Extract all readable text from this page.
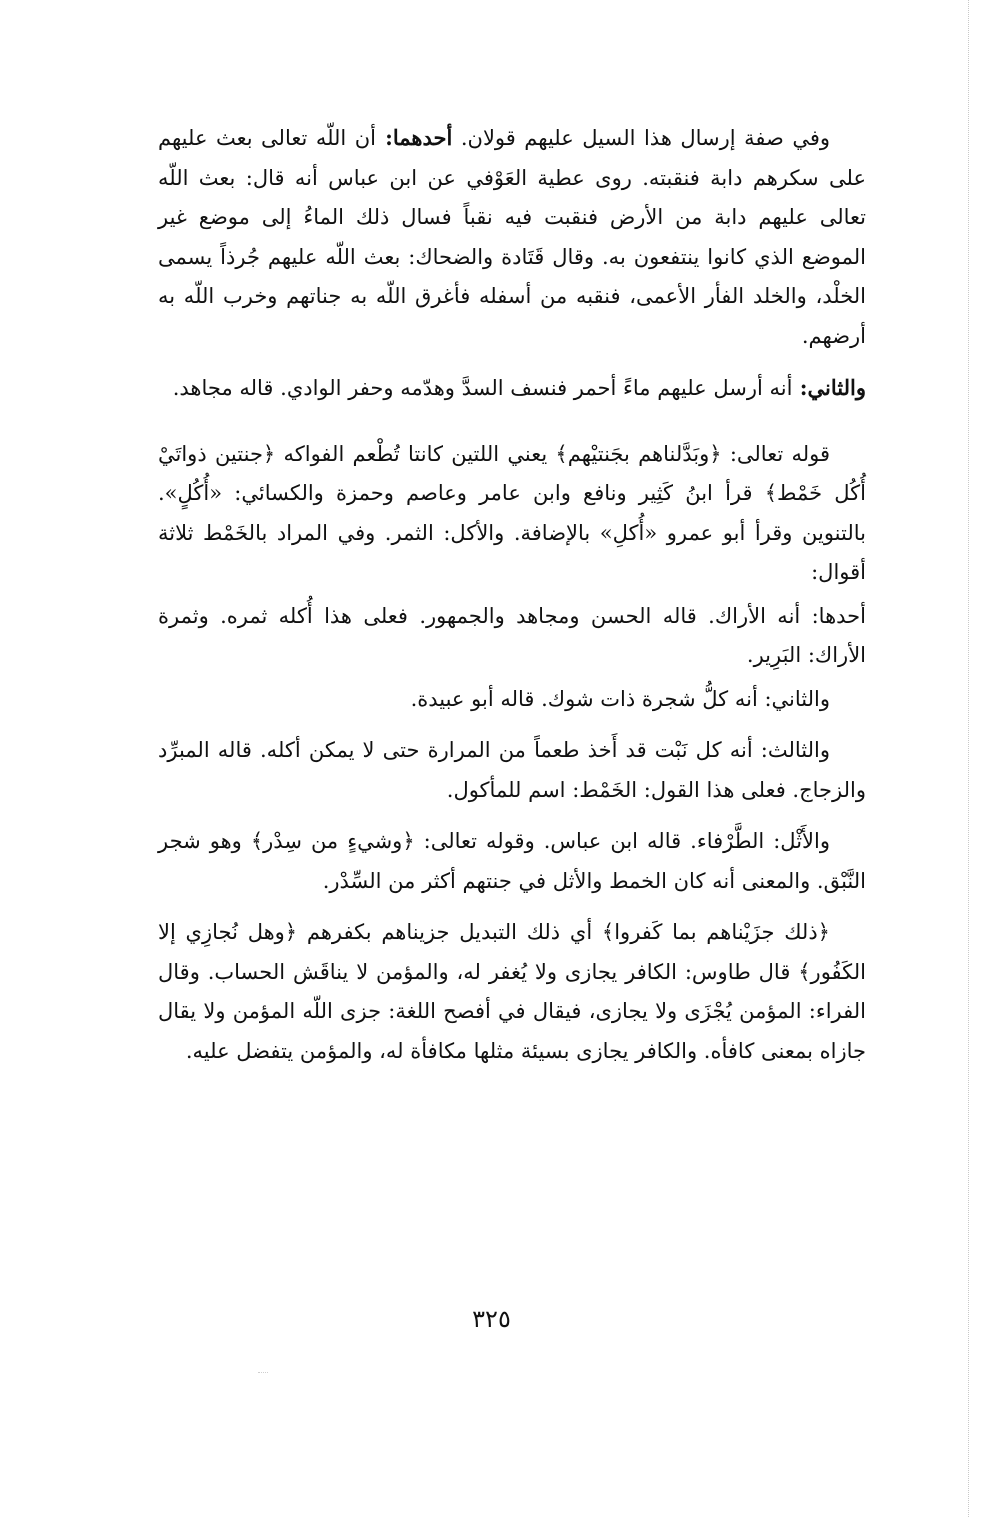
وفي صفة إرسال هذا السيل عليهم قولان. أحدهما: أن اللّه تعالى بعث عليهم على سكرهم دابة فنقبته. روى عطية العَوْفي عن ابن عباس أنه قال: بعث اللّه تعالى عليهم دابة من الأرض فنقبت فيه نقباً فسال ذلك الماءُ إلى موضع غير الموضع الذي كانوا ينتفعون به. وقال قَتَادة والضحاك: بعث اللّه عليهم جُرذاً يسمى الخلْد، والخلد الفأر الأعمى، فنقبه من أسفله فأغرق اللّه به جناتهم وخرب اللّه به أرضهم.

والثاني: أنه أرسل عليهم ماءً أحمر فنسف السدَّ وهدّمه وحفر الوادي. قاله مجاهد.

قوله تعالى: ﴿وبَدَّلناهم بجَنتيْهم﴾ يعني اللتين كانتا تُطْعم الفواكه ﴿جنتين ذواتَيْ أُكُل خَمْط﴾ قرأ ابنُ كَثِير ونافع وابن عامر وعاصم وحمزة والكسائي: «أُكُلٍ». بالتنوين وقرأ أبو عمرو «أُكلِ» بالإضافة. والأكل: الثمر. وفي المراد بالخَمْط ثلاثة أقوال:

أحدها: أنه الأراك. قاله الحسن ومجاهد والجمهور. فعلى هذا أُكله ثمره. وثمرة الأراك: البَرِير.

والثاني: أنه كلُّ شجرة ذات شوك. قاله أبو عبيدة.

والثالث: أنه كل نَبْت قد أَخذ طعماً من المرارة حتى لا يمكن أكله. قاله المبرِّد والزجاج. فعلى هذا القول: الخَمْط: اسم للمأكول.

والأَثْل: الطَّرْفاء. قاله ابن عباس. وقوله تعالى: ﴿وشيءٍ من سِدْر﴾ وهو شجر النَّبْق. والمعنى أنه كان الخمط والأثل في جنتهم أكثر من السِّدْر.

﴿ذلك جزَيْناهم بما كَفروا﴾ أي ذلك التبديل جزيناهم بكفرهم ﴿وهل نُجازِي إلا الكَفُور﴾ قال طاوس: الكافر يجازى ولا يُغفر له، والمؤمن لا يناقَش الحساب. وقال الفراء: المؤمن يُجْزَى ولا يجازى، فيقال في أفصح اللغة: جزى اللّه المؤمن ولا يقال جازاه بمعنى كافأه. والكافر يجازى بسيئة مثلها مكافأة له، والمؤمن يتفضل عليه.

٣٢٥
